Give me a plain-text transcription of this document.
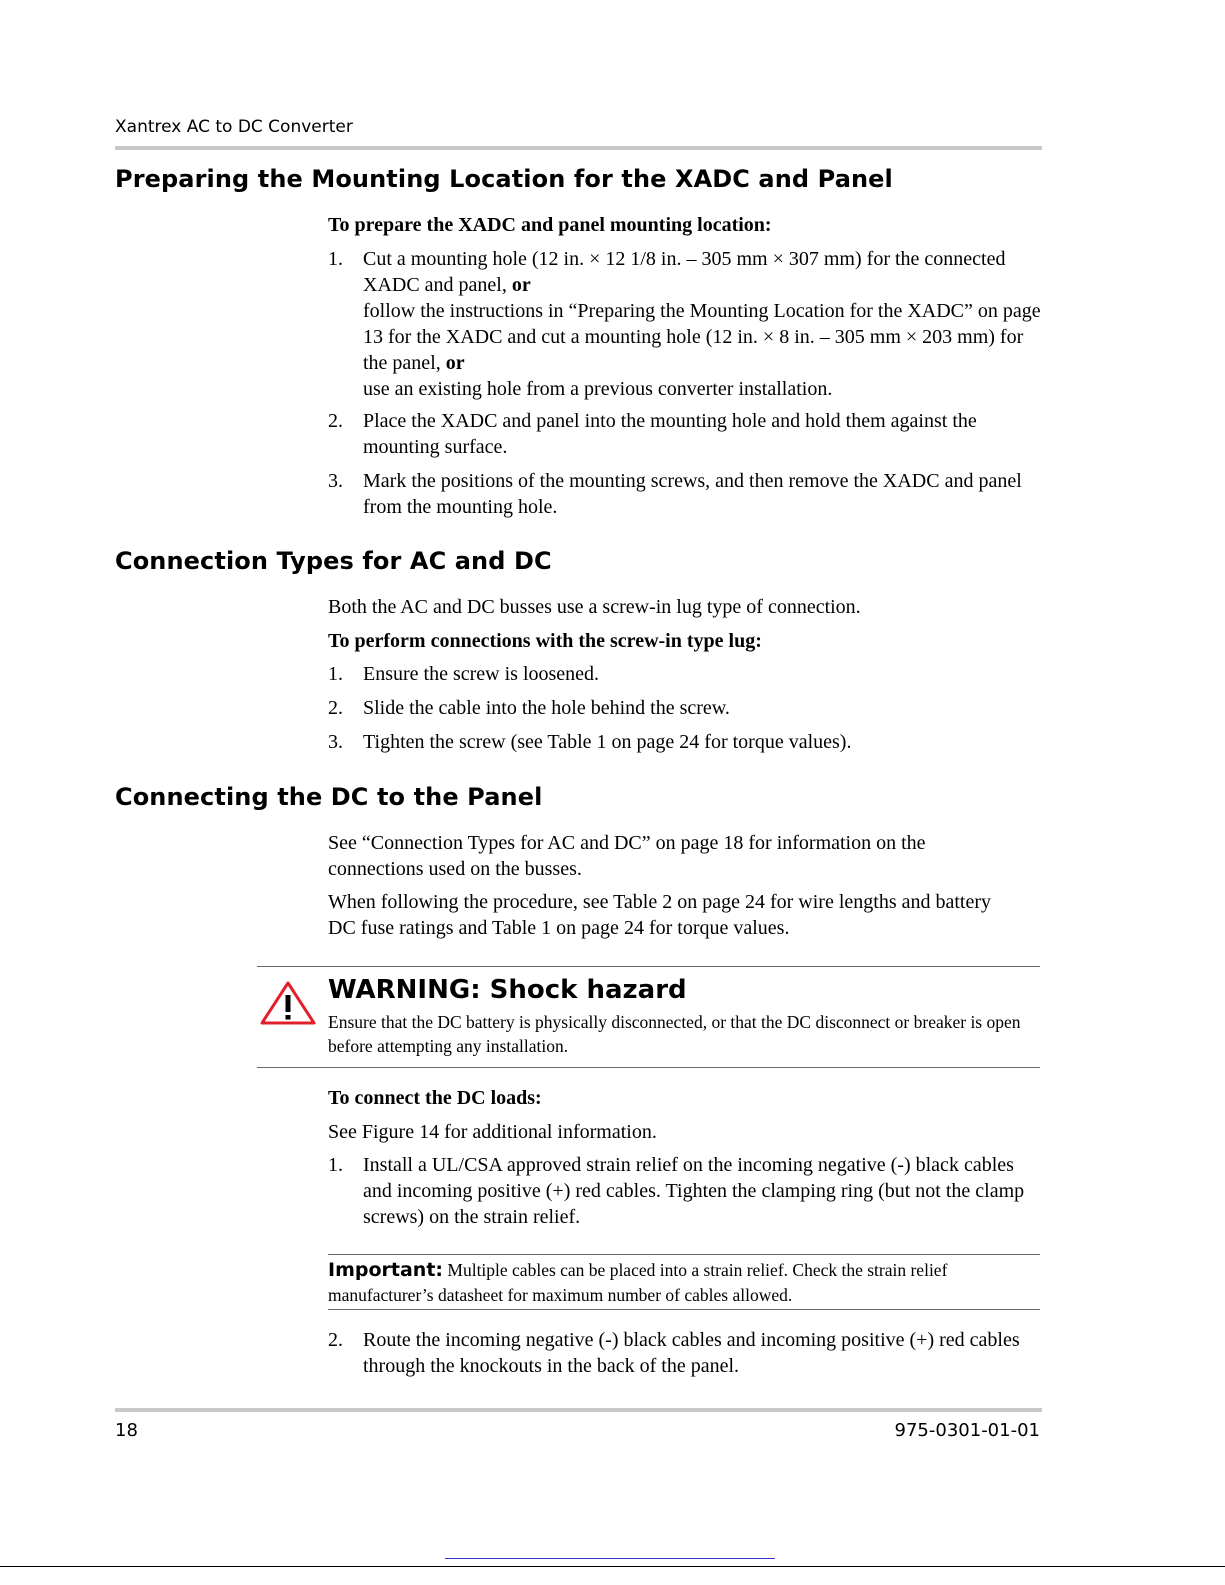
Xantrex AC to DC Converter
Preparing the Mounting Location for the XADC and Panel
To prepare the XADC and panel mounting location:
1. Cut a mounting hole (12 in. × 12 1/8 in. – 305 mm × 307 mm) for the connected XADC and panel, or
follow the instructions in “Preparing the Mounting Location for the XADC” on page 13 for the XADC and cut a mounting hole (12 in. × 8 in. – 305 mm × 203 mm) for the panel, or
use an existing hole from a previous converter installation.
2. Place the XADC and panel into the mounting hole and hold them against the mounting surface.
3. Mark the positions of the mounting screws, and then remove the XADC and panel from the mounting hole.
Connection Types for AC and DC
Both the AC and DC busses use a screw-in lug type of connection.
To perform connections with the screw-in type lug:
1. Ensure the screw is loosened.
2. Slide the cable into the hole behind the screw.
3. Tighten the screw (see Table 1 on page 24 for torque values).
Connecting the DC to the Panel
See “Connection Types for AC and DC” on page 18 for information on the connections used on the busses.
When following the procedure, see Table 2 on page 24 for wire lengths and battery DC fuse ratings and Table 1 on page 24 for torque values.
WARNING: Shock hazard
Ensure that the DC battery is physically disconnected, or that the DC disconnect or breaker is open before attempting any installation.
To connect the DC loads:
See Figure 14 for additional information.
1. Install a UL/CSA approved strain relief on the incoming negative (-) black cables and incoming positive (+) red cables. Tighten the clamping ring (but not the clamp screws) on the strain relief.
Important: Multiple cables can be placed into a strain relief. Check the strain relief manufacturer’s datasheet for maximum number of cables allowed.
2. Route the incoming negative (-) black cables and incoming positive (+) red cables through the knockouts in the back of the panel.
18	975-0301-01-01
